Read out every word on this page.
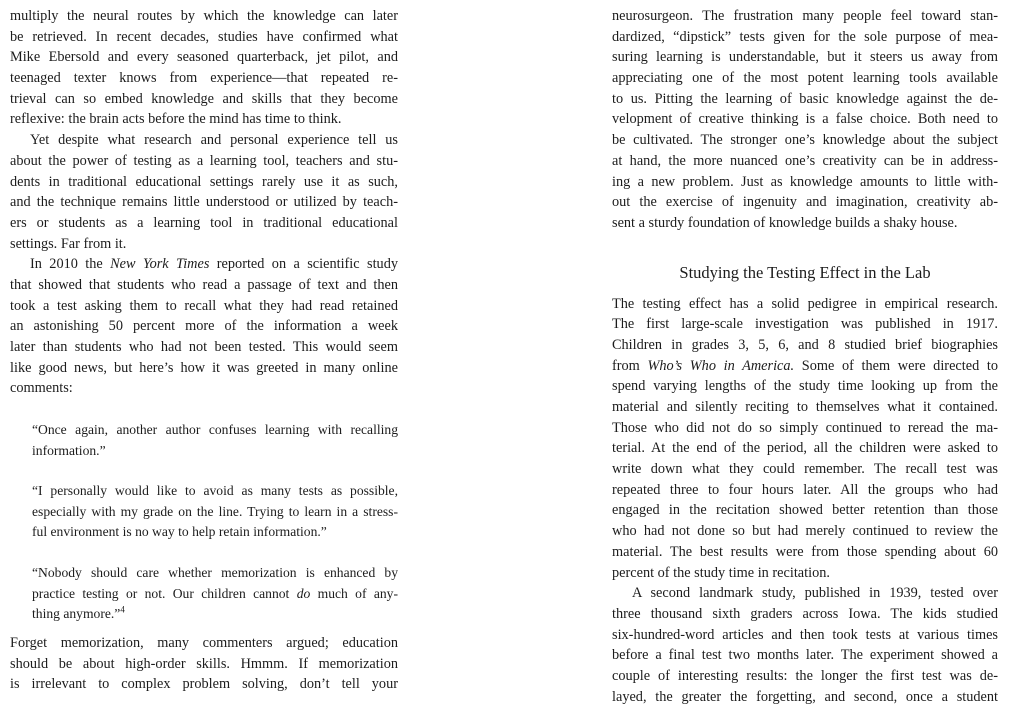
multiply the neural routes by which the knowledge can later
be retrieved. In recent decades, studies have confirmed what
Mike Ebersold and every seasoned quarterback, jet pilot, and
teenaged texter knows from experience—that repeated re-
trieval can so embed knowledge and skills that they become
reflexive: the brain acts before the mind has time to think.
Yet despite what research and personal experience tell us
about the power of testing as a learning tool, teachers and stu-
dents in traditional educational settings rarely use it as such,
and the technique remains little understood or utilized by teach-
ers or students as a learning tool in traditional educational
settings. Far from it.
In 2010 the New York Times reported on a scientific study
that showed that students who read a passage of text and then
took a test asking them to recall what they had read retained
an astonishing 50 percent more of the information a week
later than students who had not been tested. This would seem
like good news, but here’s how it was greeted in many online
comments:
“Once again, another author confuses learning with recalling
information.”
“I personally would like to avoid as many tests as possible,
especially with my grade on the line. Trying to learn in a stress-
ful environment is no way to help retain information.”
“Nobody should care whether memorization is enhanced by
practice testing or not. Our children cannot do much of any-
thing anymore.”$^4$
Forget memorization, many commenters argued; education
should be about high-order skills. Hmmm. If memorization
is irrelevant to complex problem solving, don’t tell your
neurosurgeon. The frustration many people feel toward stan-
dardized, “dipstick” tests given for the sole purpose of mea-
suring learning is understandable, but it steers us away from
appreciating one of the most potent learning tools available
to us. Pitting the learning of basic knowledge against the de-
velopment of creative thinking is a false choice. Both need to
be cultivated. The stronger one’s knowledge about the subject
at hand, the more nuanced one’s creativity can be in address-
ing a new problem. Just as knowledge amounts to little with-
out the exercise of ingenuity and imagination, creativity ab-
sent a sturdy foundation of knowledge builds a shaky house.
Studying the Testing Effect in the Lab
The testing effect has a solid pedigree in empirical research.
The first large-scale investigation was published in 1917.
Children in grades 3, 5, 6, and 8 studied brief biographies
from Who’s Who in America. Some of them were directed to
spend varying lengths of the study time looking up from the
material and silently reciting to themselves what it contained.
Those who did not do so simply continued to reread the ma-
terial. At the end of the period, all the children were asked to
write down what they could remember. The recall test was
repeated three to four hours later. All the groups who had
engaged in the recitation showed better retention than those
who had not done so but had merely continued to review the
material. The best results were from those spending about 60
percent of the study time in recitation.
A second landmark study, published in 1939, tested over
three thousand sixth graders across Iowa. The kids studied
six-hundred-word articles and then took tests at various times
before a final test two months later. The experiment showed a
couple of interesting results: the longer the first test was de-
layed, the greater the forgetting, and second, once a student
